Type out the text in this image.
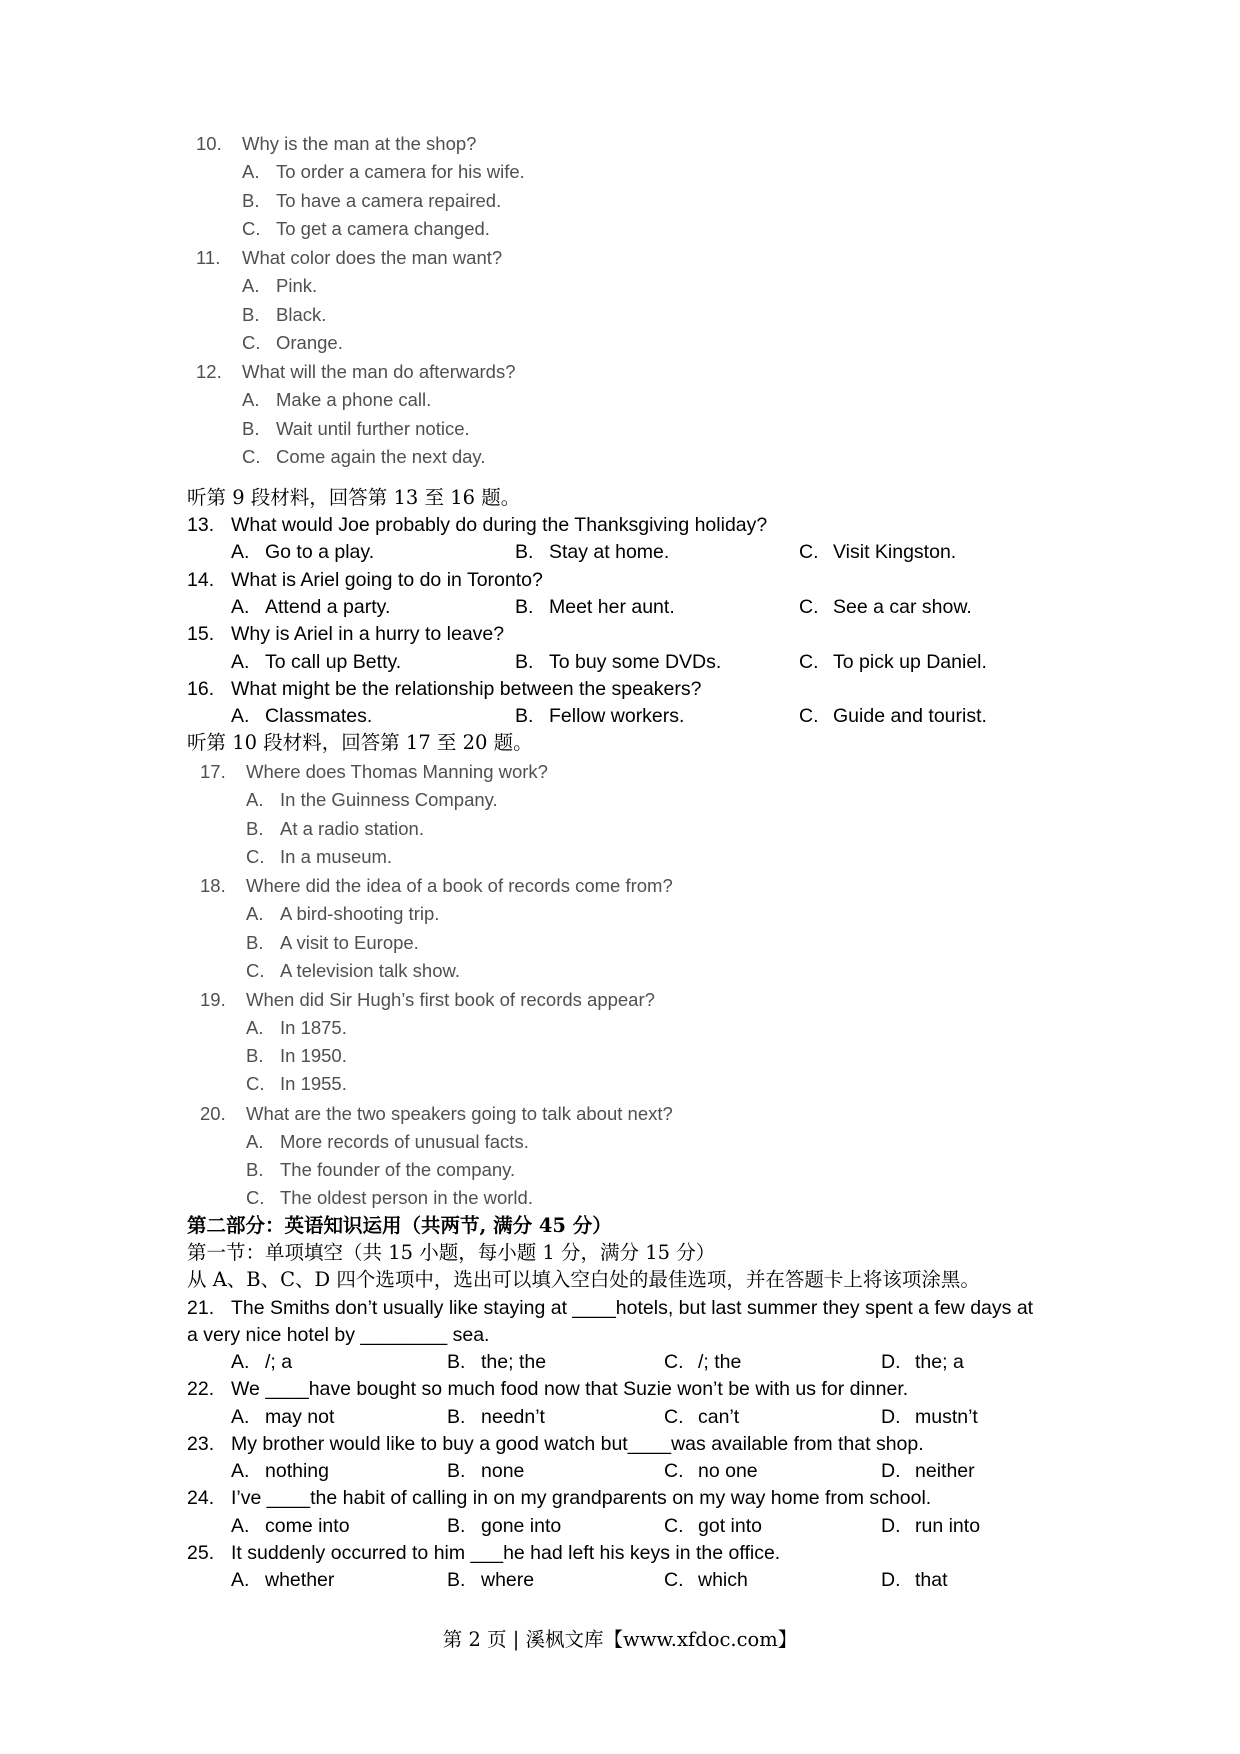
10. Why is the man at the shop?
A. To order a camera for his wife.
B. To have a camera repaired.
C. To get a camera changed.
11. What color does the man want?
A. Pink.
B. Black.
C. Orange.
12. What will the man do afterwards?
A. Make a phone call.
B. Wait until further notice.
C. Come again the next day.
听第 9 段材料，回答第 13 至 16 题。
13. What would Joe probably do during the Thanksgiving holiday?
A. Go to a play.	B. Stay at home.	C. Visit Kingston.
14. What is Ariel going to do in Toronto?
A. Attend a party.	B. Meet her aunt.	C. See a car show.
15. Why is Ariel in a hurry to leave?
A. To call up Betty.	B. To buy some DVDs.	C. To pick up Daniel.
16. What might be the relationship between the speakers?
A. Classmates.	B. Fellow workers.	C. Guide and tourist.
听第 10 段材料，回答第 17 至 20 题。
17. Where does Thomas Manning work?
A. In the Guinness Company.
B. At a radio station.
C. In a museum.
18. Where did the idea of a book of records come from?
A. A bird-shooting trip.
B. A visit to Europe.
C. A television talk show.
19. When did Sir Hugh’s first book of records appear?
A. In 1875.
B. In 1950.
C. In 1955.
20. What are the two speakers going to talk about next?
A. More records of unusual facts.
B. The founder of the company.
C. The oldest person in the world.
第二部分：英语知识运用（共两节, 满分 45 分）
第一节：单项填空（共 15 小题，每小题 1 分，满分 15 分）
从 A、B、C、D 四个选项中，选出可以填入空白处的最佳选项，并在答题卡上将该项涂黑。
21. The Smiths don’t usually like staying at ____hotels, but last summer they spent a few days at
a very nice hotel by ________ sea.
A. /; a	B. the; the	C. /; the	D. the; a
22. We ____have bought so much food now that Suzie won’t be with us for dinner.
A. may not	B. needn’t	C. can’t	D. mustn’t
23. My brother would like to buy a good watch but____was available from that shop.
A. nothing	B. none	C. no one	D. neither
24. I’ve ____the habit of calling in on my grandparents on my way home from school.
A. come into	B. gone into	C. got into	D. run into
25. It suddenly occurred to him ___he had left his keys in the office.
A. whether	B. where	C. which	D. that
第 2 页 | 溪枫文库【www.xfdoc.com】
